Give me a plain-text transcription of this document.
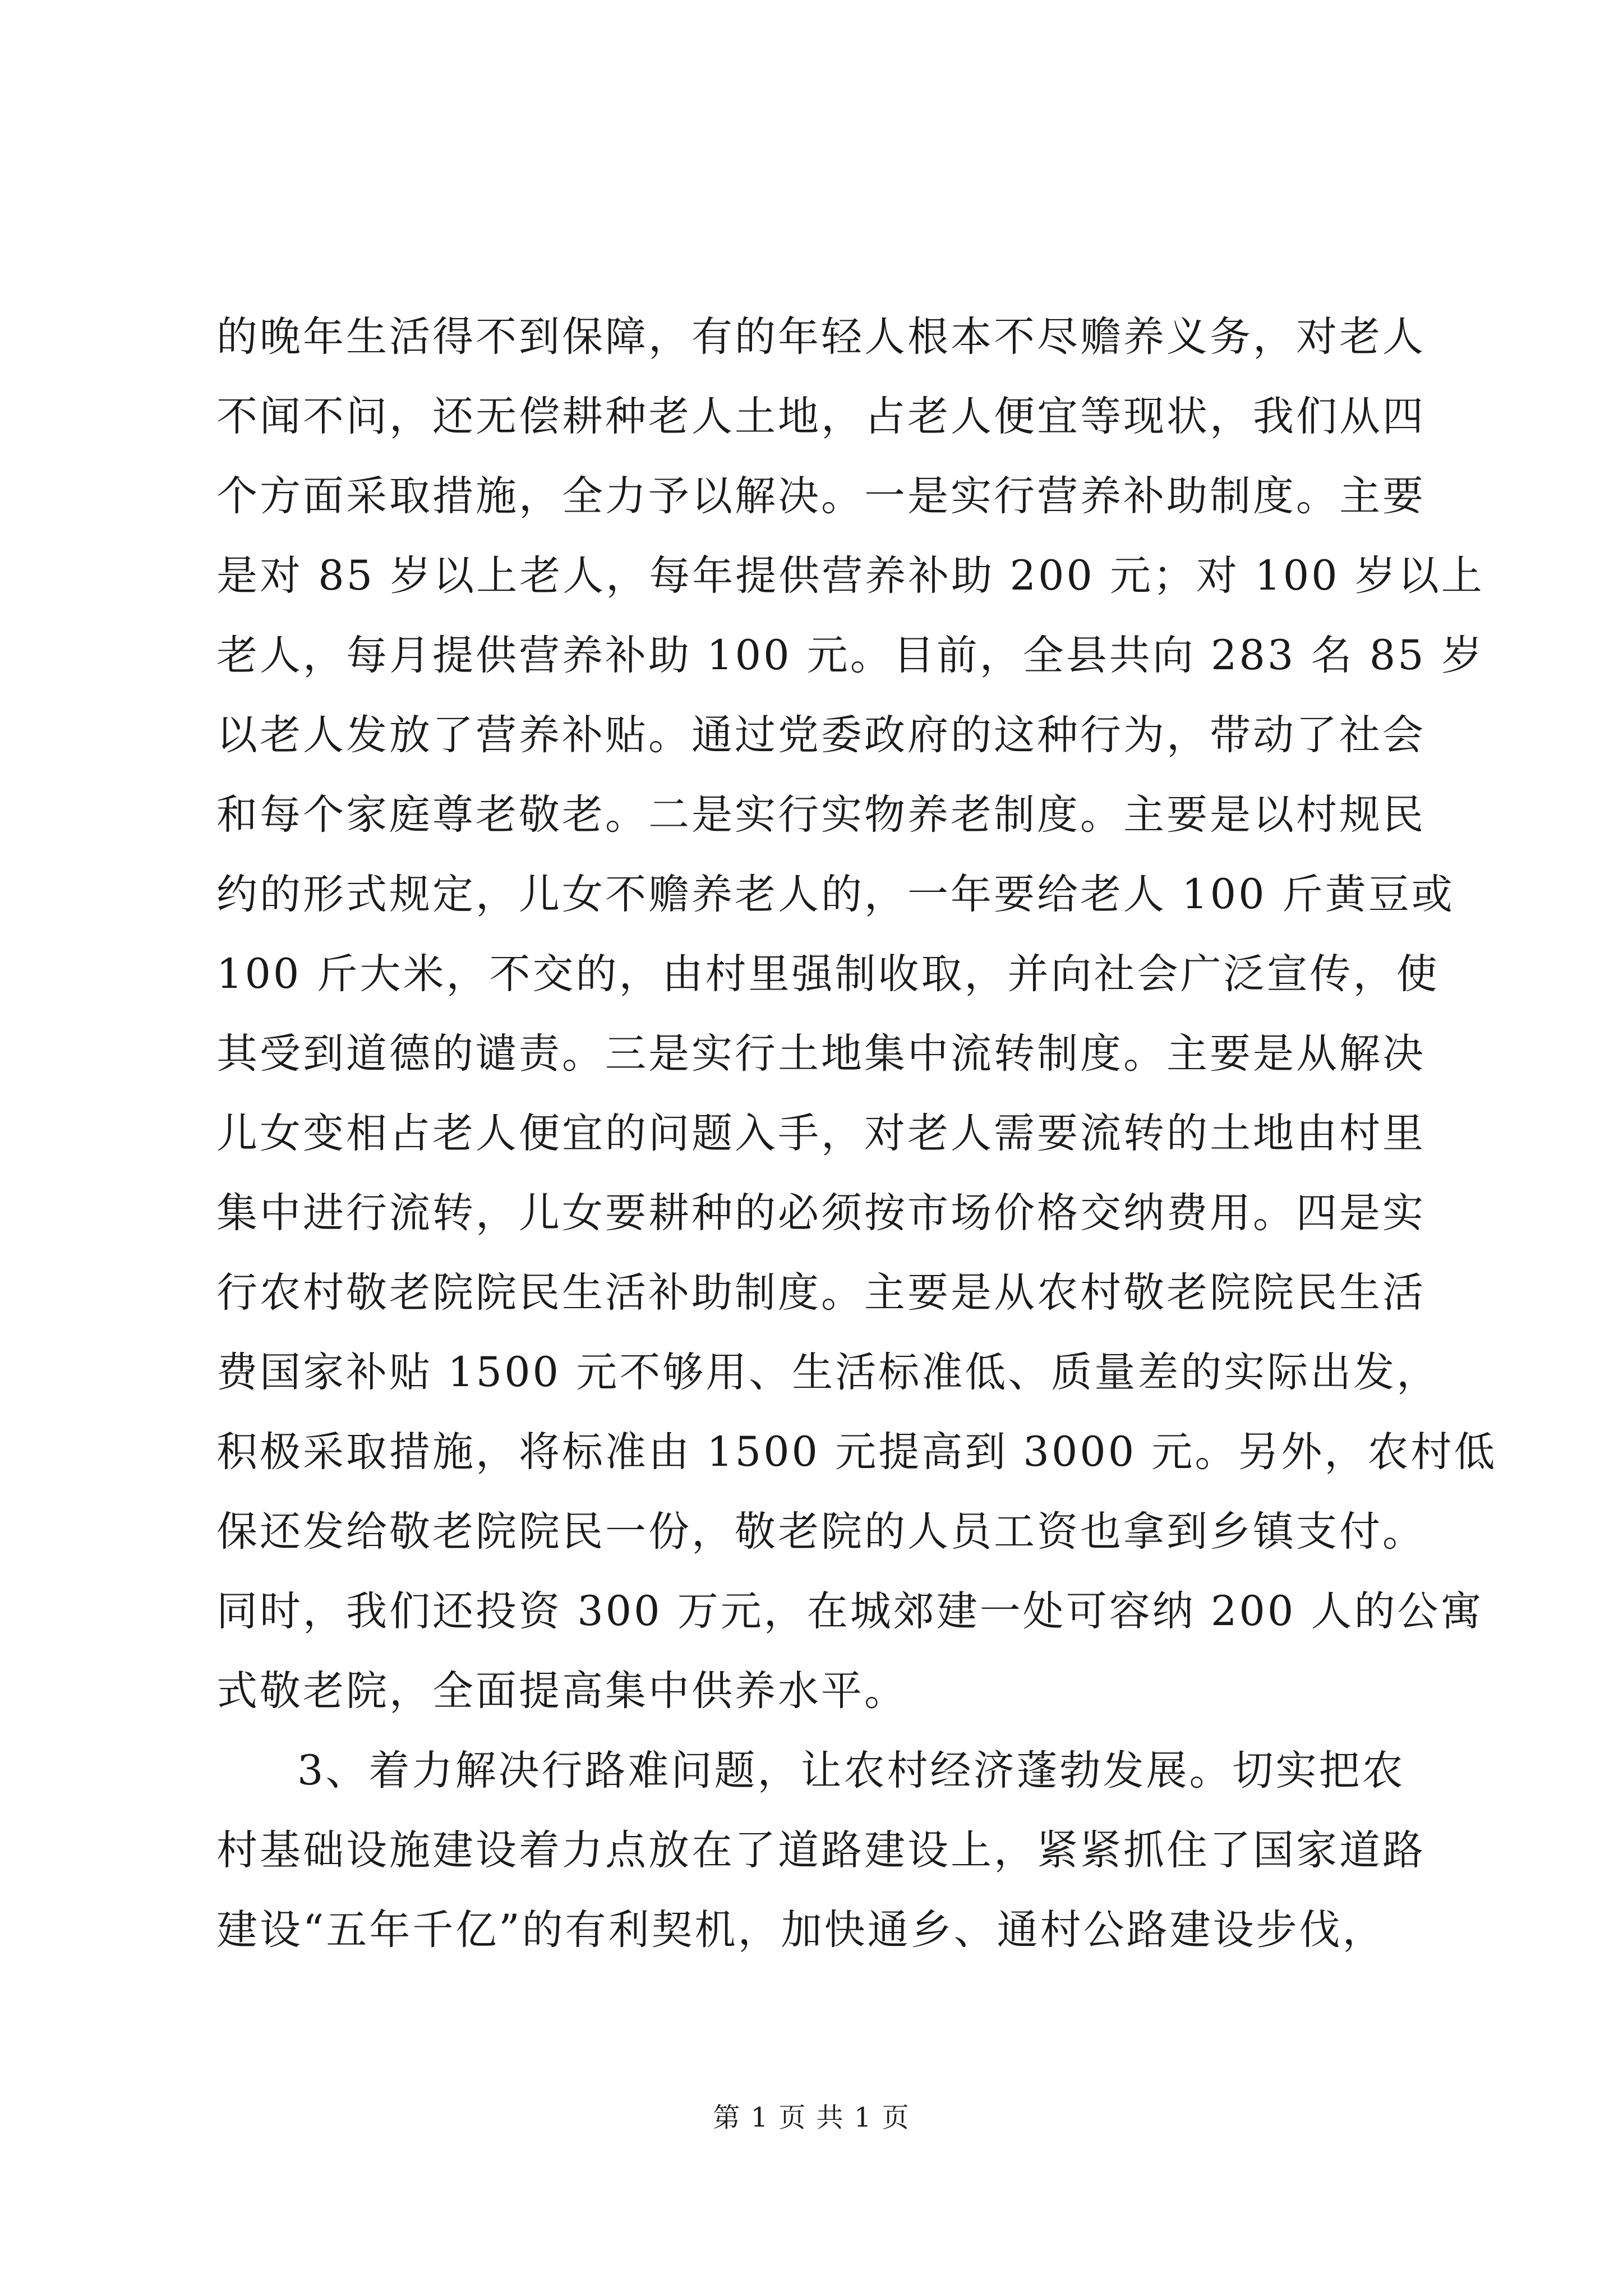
的晚年生活得不到保障，有的年轻人根本不尽赡养义务，对老人
不闻不问，还无偿耕种老人土地，占老人便宜等现状，我们从四
个方面采取措施，全力予以解决。一是实行营养补助制度。主要
是对 85 岁以上老人，每年提供营养补助 200 元；对 100 岁以上
老人，每月提供营养补助 100 元。目前，全县共向 283 名 85 岁
以老人发放了营养补贴。通过党委政府的这种行为，带动了社会
和每个家庭尊老敬老。二是实行实物养老制度。主要是以村规民
约的形式规定，儿女不赡养老人的，一年要给老人 100 斤黄豆或
100 斤大米，不交的，由村里强制收取，并向社会广泛宣传，使
其受到道德的谴责。三是实行土地集中流转制度。主要是从解决
儿女变相占老人便宜的问题入手，对老人需要流转的土地由村里
集中进行流转，儿女要耕种的必须按市场价格交纳费用。四是实
行农村敬老院院民生活补助制度。主要是从农村敬老院院民生活
费国家补贴 1500 元不够用、生活标准低、质量差的实际出发，
积极采取措施，将标准由 1500 元提高到 3000 元。另外，农村低
保还发给敬老院院民一份，敬老院的人员工资也拿到乡镇支付。
同时，我们还投资 300 万元，在城郊建一处可容纳 200 人的公寓
式敬老院，全面提高集中供养水平。
3、着力解决行路难问题，让农村经济蓬勃发展。切实把农
村基础设施建设着力点放在了道路建设上，紧紧抓住了国家道路
建设“五年千亿”的有利契机，加快通乡、通村公路建设步伐，
第 1 页 共 1 页
